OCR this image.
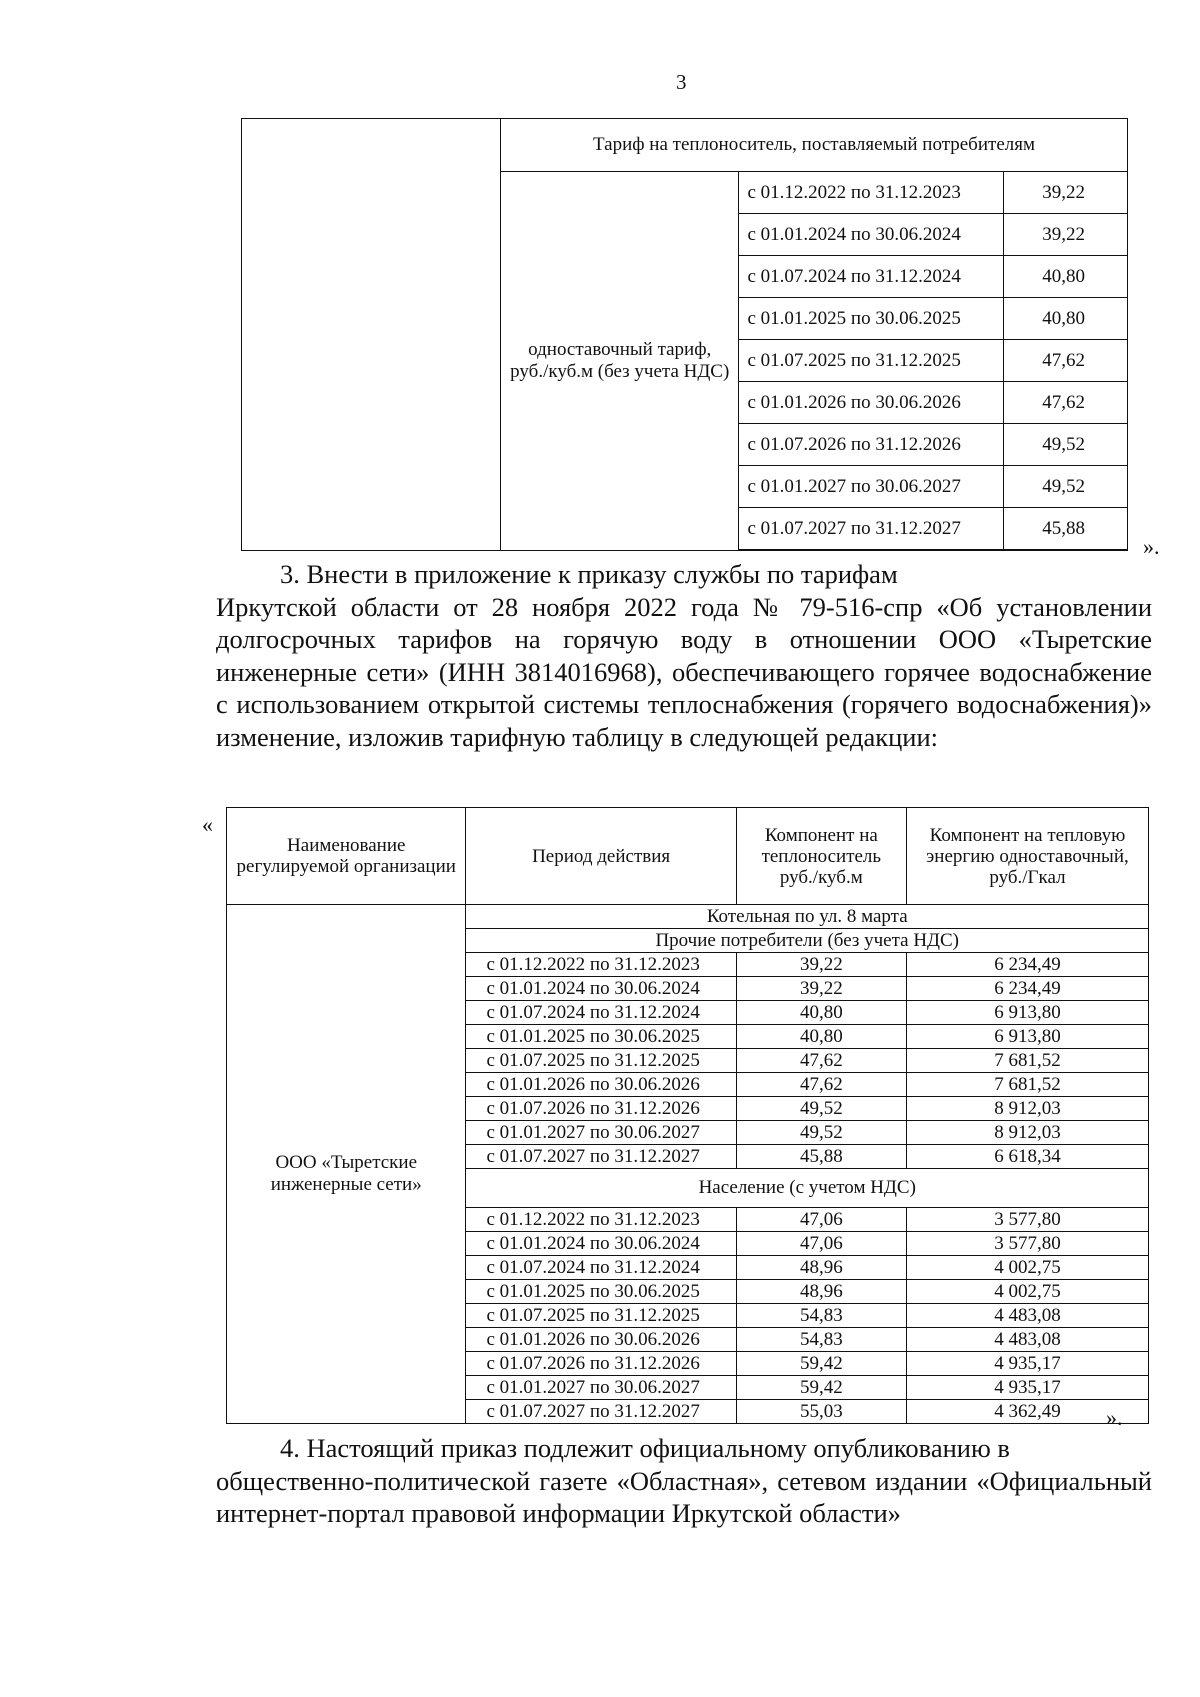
3
	Тариф на теплоноситель, поставляемый потребителям		
	одноставочный тариф, руб./куб.м (без учета НДС)	с 01.12.2022 по 31.12.2023	39,22
		с 01.01.2024 по 30.06.2024	39,22
		с 01.07.2024 по 31.12.2024	40,80
		с 01.01.2025 по 30.06.2025	40,80
		с 01.07.2025 по 31.12.2025	47,62
		с 01.01.2026 по 30.06.2026	47,62
		с 01.07.2026 по 31.12.2026	49,52
		с 01.01.2027 по 30.06.2027	49,52
		с 01.07.2027 по 31.12.2027	45,88
».
3. Внести в приложение к приказу службы по тарифам
Иркутской области от 28 ноября 2022 года № 79-516-спр «Об установлении долгосрочных тарифов на горячую воду в отношении ООО «Тыретские инженерные сети» (ИНН 3814016968), обеспечивающего горячее водоснабжение с использованием открытой системы теплоснабжения (горячего водоснабжения)» изменение, изложив тарифную таблицу в следующей редакции:
«
Наименование регулируемой организации	Период действия	Компонент на теплоноситель руб./куб.м	Компонент на тепловую энергию одноставочный, руб./Гкал
ООО «Тыретские инженерные сети»	Котельная по ул. 8 марта		
	Прочие потребители (без учета НДС)		
	с 01.12.2022 по 31.12.2023	39,22	6 234,49
	с 01.01.2024 по 30.06.2024	39,22	6 234,49
	с 01.07.2024 по 31.12.2024	40,80	6 913,80
	с 01.01.2025 по 30.06.2025	40,80	6 913,80
	с 01.07.2025 по 31.12.2025	47,62	7 681,52
	с 01.01.2026 по 30.06.2026	47,62	7 681,52
	с 01.07.2026 по 31.12.2026	49,52	8 912,03
	с 01.01.2027 по 30.06.2027	49,52	8 912,03
	с 01.07.2027 по 31.12.2027	45,88	6 618,34
	Население (с учетом НДС)		
	с 01.12.2022 по 31.12.2023	47,06	3 577,80
	с 01.01.2024 по 30.06.2024	47,06	3 577,80
	с 01.07.2024 по 31.12.2024	48,96	4 002,75
	с 01.01.2025 по 30.06.2025	48,96	4 002,75
	с 01.07.2025 по 31.12.2025	54,83	4 483,08
	с 01.01.2026 по 30.06.2026	54,83	4 483,08
	с 01.07.2026 по 31.12.2026	59,42	4 935,17
	с 01.01.2027 по 30.06.2027	59,42	4 935,17
	с 01.07.2027 по 31.12.2027	55,03	4 362,49 ».
4. Настоящий приказ подлежит официальному опубликованию в
общественно-политической газете «Областная», сетевом издании «Официальный интернет-портал правовой информации Иркутской области»
